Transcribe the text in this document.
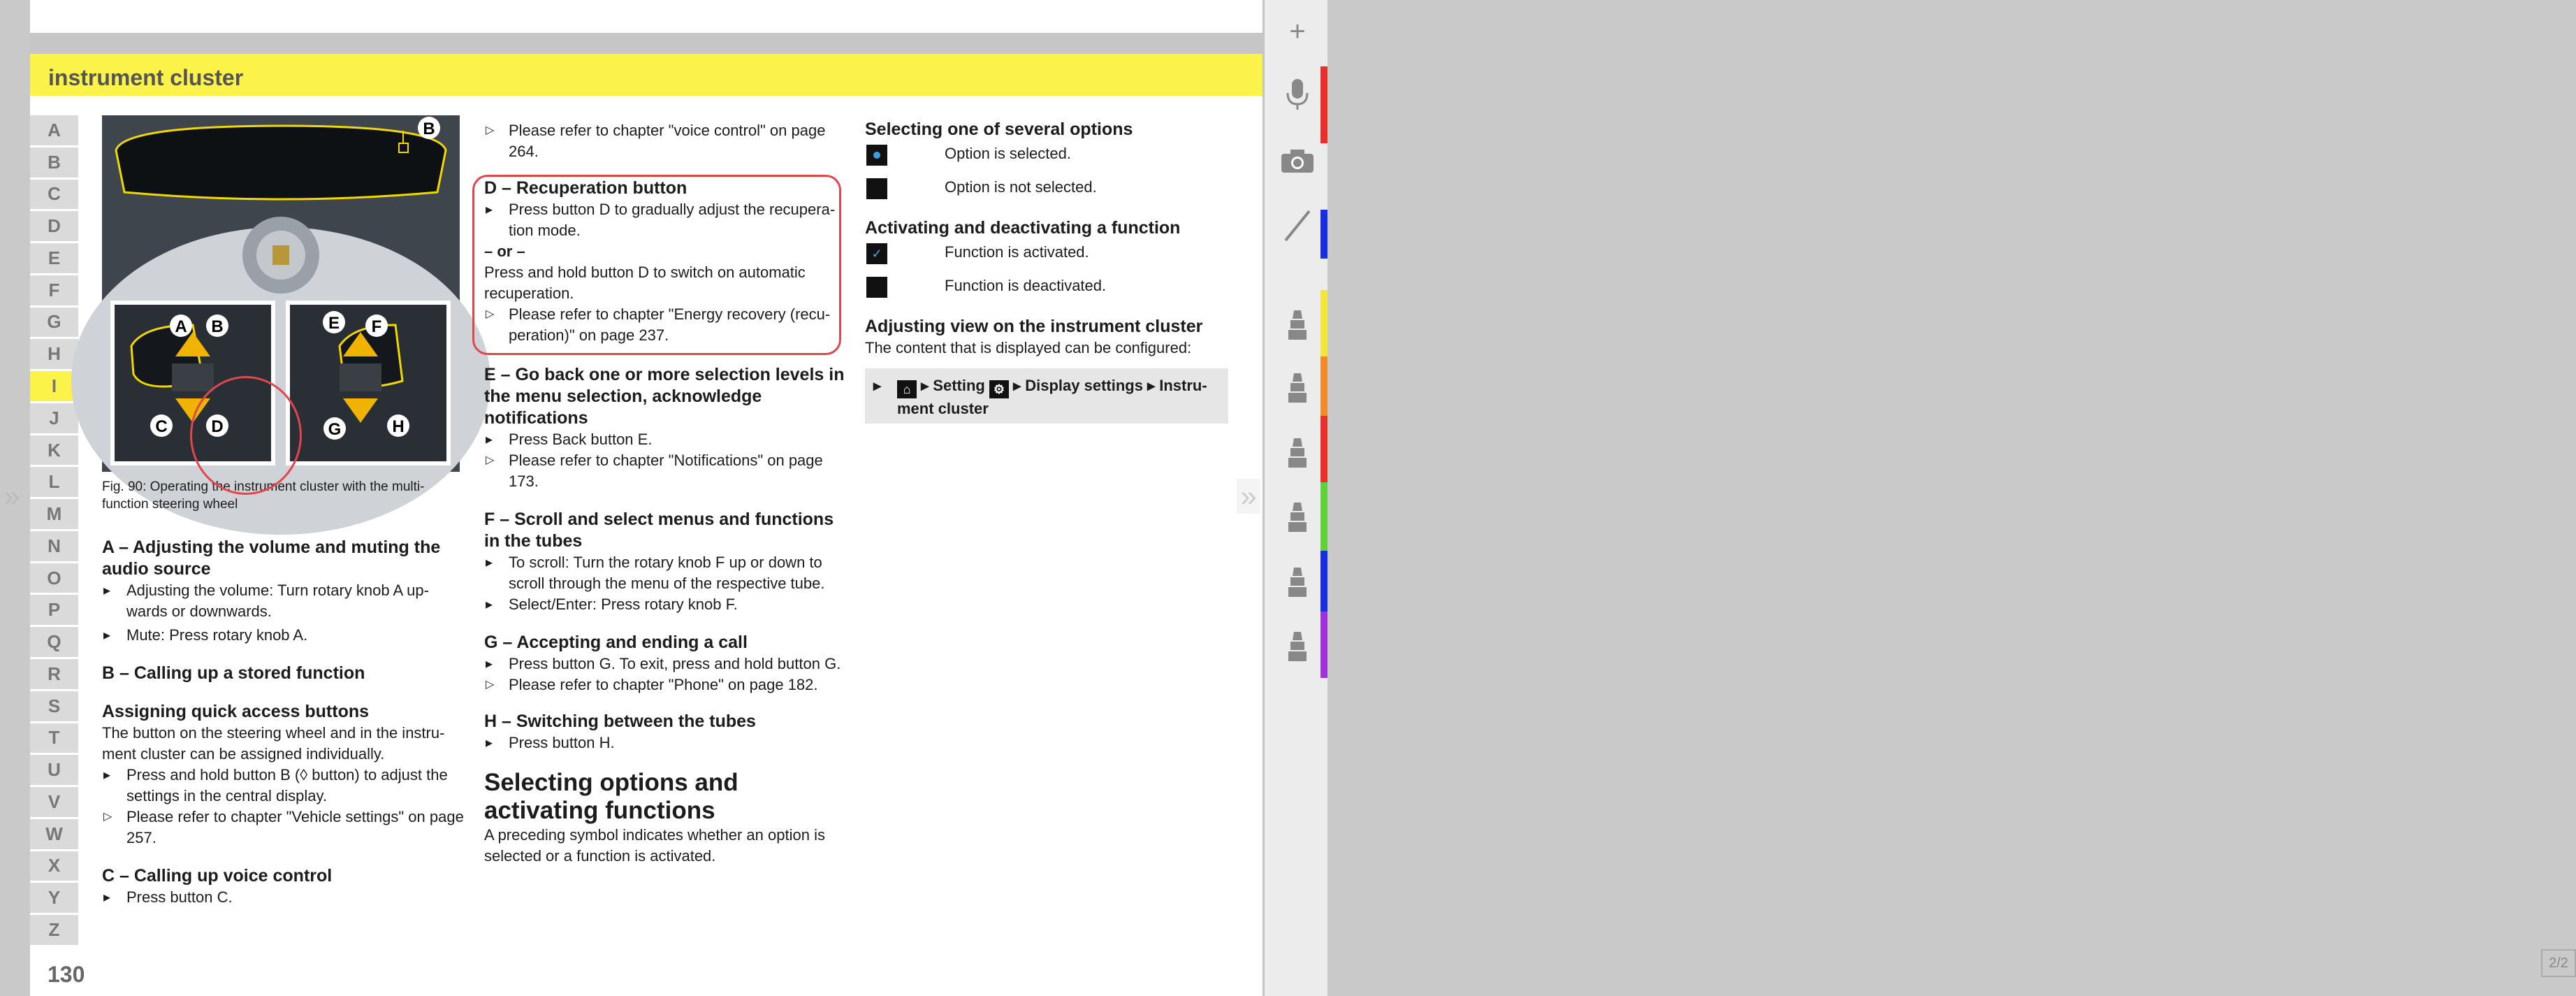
instrument cluster
A
B
C
D
E
F
G
H
I
J
K
L
M
N
O
P
Q
R
S
T
U
V
W
X
Y
Z
130
A B
C	D
E F
G	H
B
Fig. 90: Operating the instrument cluster with the multi-function steering wheel
A – Adjusting the volume and muting the audio source

▸ Adjusting the volume: Turn rotary knob A up-wards or downwards.

▸ Mute: Press rotary knob A.

B – Calling up a stored function
Assigning quick access buttons

The button on the steering wheel and in the instru-ment cluster can be assigned individually.

▸ Press and hold button B (◊ button) to adjust the settings in the central display.

▷ Please refer to chapter "Vehicle settings" on page 257.

C – Calling up voice control

▸ Press button C.

▷ Please refer to chapter "voice control" on page 264.

D – Recuperation button

▸ Press button D to gradually adjust the recupera-tion mode.

– or –

Press and hold button D to switch on automatic recuperation.

▷ Please refer to chapter "Energy recovery (recu-peration)" on page 237.

E – Go back one or more selection levels in the menu selection, acknowledge notifications

▸ Press Back button E.

▷ Please refer to chapter "Notifications" on page 173.

F – Scroll and select menus and functions in the tubes

▸ To scroll: Turn the rotary knob F up or down to scroll through the menu of the respective tube.

▸ Select/Enter: Press rotary knob F.

G – Accepting and ending a call

▸ Press button G. To exit, press and hold button G.

▷ Please refer to chapter "Phone" on page 182.

H – Switching between the tubes

▸ Press button H.

Selecting options and activating functions

A preceding symbol indicates whether an option is selected or a function is activated.

Selecting one of several options
Option is selected.
Option is not selected.
Activating and deactivating a function
✓	Function is activated.
Function is deactivated.
Adjusting view on the instrument cluster

The content that is displayed can be configured:

▸ ⌂ ▸ Setting ⚙ ▸ Display settings ▸ Instru-ment cluster
»	»
+
2/2
